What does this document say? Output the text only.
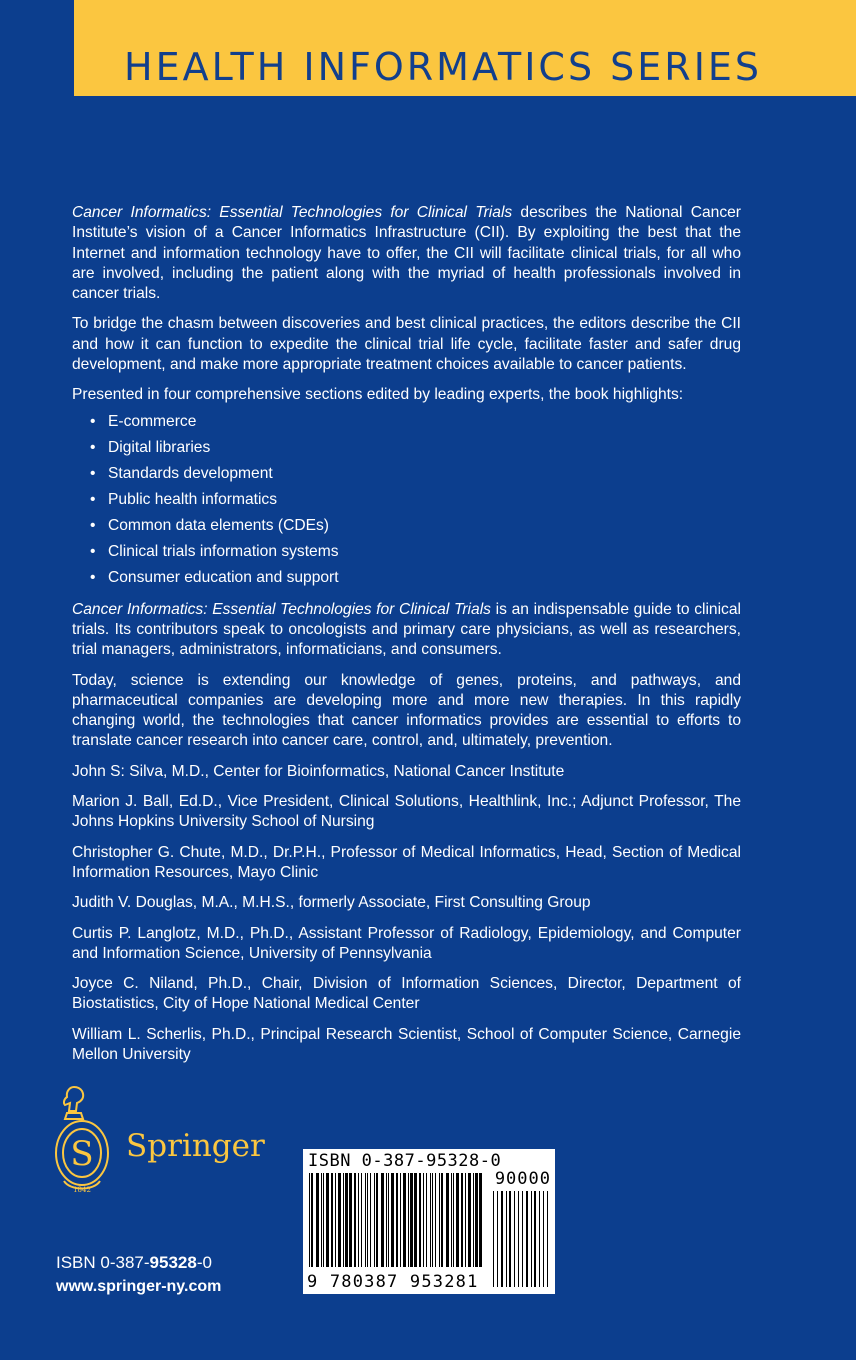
HEALTH INFORMATICS SERIES

Cancer Informatics: Essential Technologies for Clinical Trials describes the National Cancer Institute’s vision of a Cancer Informatics Infrastructure (CII). By exploiting the best that the Internet and information technology have to offer, the CII will facilitate clinical trials, for all who are involved, including the patient along with the myriad of health professionals involved in cancer trials.

To bridge the chasm between discoveries and best clinical practices, the editors describe the CII and how it can function to expedite the clinical trial life cycle, facilitate faster and safer drug development, and make more appropriate treatment choices available to cancer patients.

Presented in four comprehensive sections edited by leading experts, the book highlights:

• E-commerce
• Digital libraries
• Standards development
• Public health informatics
• Common data elements (CDEs)
• Clinical trials information systems
• Consumer education and support

Cancer Informatics: Essential Technologies for Clinical Trials is an indispensable guide to clinical trials. Its contributors speak to oncologists and primary care physicians, as well as researchers, trial managers, administrators, informaticians, and consumers.

Today, science is extending our knowledge of genes, proteins, and pathways, and pharmaceutical companies are developing more and more new therapies. In this rapidly changing world, the technologies that cancer informatics provides are essential to efforts to translate cancer research into cancer care, control, and, ultimately, prevention.

John S: Silva, M.D., Center for Bioinformatics, National Cancer Institute

Marion J. Ball, Ed.D., Vice President, Clinical Solutions, Healthlink, Inc.; Adjunct Professor, The Johns Hopkins University School of Nursing

Christopher G. Chute, M.D., Dr.P.H., Professor of Medical Informatics, Head, Section of Medical Information Resources, Mayo Clinic

Judith V. Douglas, M.A., M.H.S., formerly Associate, First Consulting Group

Curtis P. Langlotz, M.D., Ph.D., Assistant Professor of Radiology, Epidemiology, and Computer and Information Science, University of Pennsylvania

Joyce C. Niland, Ph.D., Chair, Division of Information Sciences, Director, Department of Biostatistics, City of Hope National Medical Center

William L. Scherlis, Ph.D., Principal Research Scientist, School of Computer Science, Carnegie Mellon University

S
1842
Springer
ISBN 0-387-95328-0
www.springer-ny.com
ISBN 0-387-95328-0
90000
9 780387 953281
